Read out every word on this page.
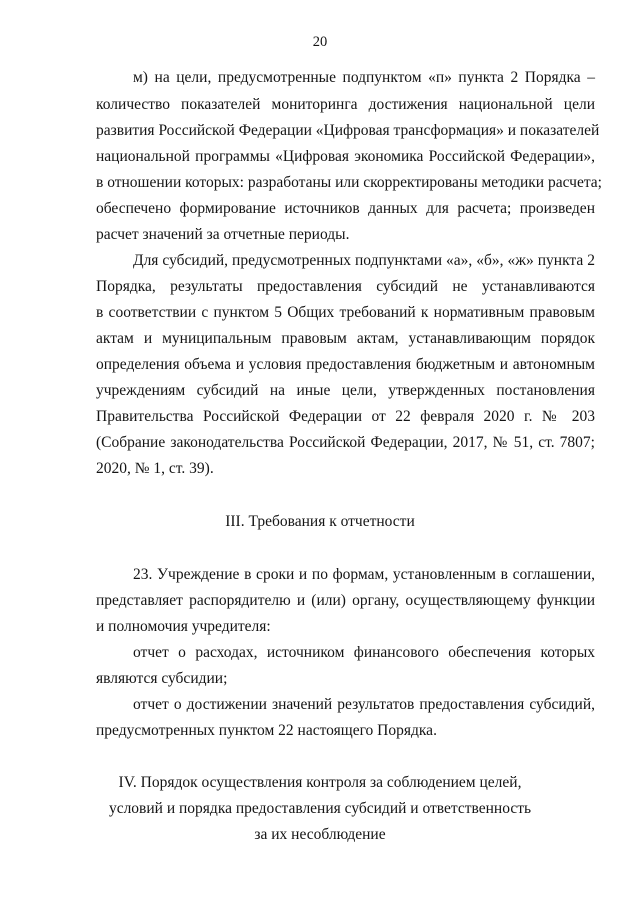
20
м) на цели, предусмотренные подпунктом «п» пункта 2 Порядка –
количество показателей мониторинга достижения национальной цели
развития Российской Федерации «Цифровая трансформация» и показателей
национальной программы «Цифровая экономика Российской Федерации»,
в отношении которых: разработаны или скорректированы методики расчета;
обеспечено формирование источников данных для расчета; произведен
расчет значений за отчетные периоды.
Для субсидий, предусмотренных подпунктами «а», «б», «ж» пункта 2
Порядка, результаты предоставления субсидий не устанавливаются
в соответствии с пунктом 5 Общих требований к нормативным правовым
актам и муниципальным правовым актам, устанавливающим порядок
определения объема и условия предоставления бюджетным и автономным
учреждениям субсидий на иные цели, утвержденных постановления
Правительства Российской Федерации от 22 февраля 2020 г. № 203
(Собрание законодательства Российской Федерации, 2017, № 51, ст. 7807;
2020, № 1, ст. 39).
III. Требования к отчетности
23. Учреждение в сроки и по формам, установленным в соглашении,
представляет распорядителю и (или) органу, осуществляющему функции
и полномочия учредителя:
отчет о расходах, источником финансового обеспечения которых
являются субсидии;
отчет о достижении значений результатов предоставления субсидий,
предусмотренных пунктом 22 настоящего Порядка.
IV. Порядок осуществления контроля за соблюдением целей,
условий и порядка предоставления субсидий и ответственность
за их несоблюдение
